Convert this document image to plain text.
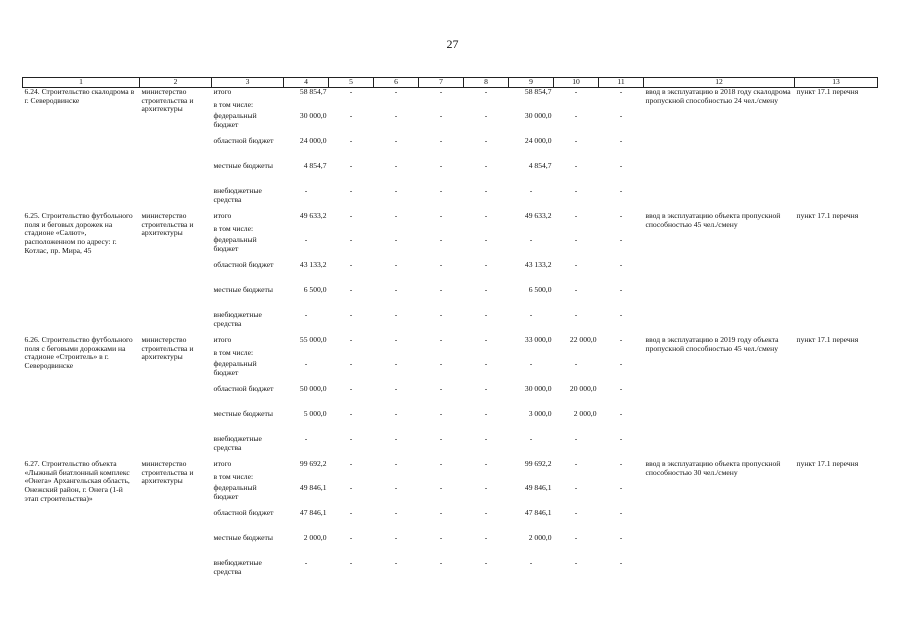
27
1	2	3	4	5	6	7	8	9	10	11	12	13
6.24. Строительство скалодрома в г. Северодвинске	министерство строительства и архитектуры	итого	58 854,7	-	-	-	-	58 854,7	-	-	ввод в эксплуатацию в 2018 году скалодрома пропускной способностью 24 чел./смену	пункт 17.1 перечня
		в том числе:										
		федеральный бюджет	30 000,0	-	-	-	-	30 000,0	-	-		
		областной бюджет	24 000,0	-	-	-	-	24 000,0	-	-		
		местные бюджеты	4 854,7	-	-	-	-	4 854,7	-	-		
		внебюджетные средства	-	-	-	-	-	-	-	-		
6.25. Строительство футбольного поля и беговых дорожек на стадионе «Салют», расположенном по адресу: г. Котлас, пр. Мира, 45	министерство строительства и архитектуры	итого	49 633,2	-	-	-	-	49 633,2	-	-	ввод в эксплуатацию объекта пропускной способностью 45 чел./смену	пункт 17.1 перечня
		в том числе:										
		федеральный бюджет	-	-	-	-	-	-	-	-		
		областной бюджет	43 133,2	-	-	-	-	43 133,2	-	-		
		местные бюджеты	6 500,0	-	-	-	-	6 500,0	-	-		
		внебюджетные средства	-	-	-	-	-	-	-	-		
6.26. Строительство футбольного поля с беговыми дорожками на стадионе «Строитель» в г. Северодвинске	министерство строительства и архитектуры	итого	55 000,0	-	-	-	-	33 000,0	22 000,0	-	ввод в эксплуатацию в 2019 году объекта пропускной способностью 45 чел./смену	пункт 17.1 перечня
		в том числе:										
		федеральный бюджет	-	-	-	-	-	-	-	-		
		областной бюджет	50 000,0	-	-	-	-	30 000,0	20 000,0	-		
		местные бюджеты	5 000,0	-	-	-	-	3 000,0	2 000,0	-		
		внебюджетные средства	-	-	-	-	-	-	-	-		
6.27. Строительство объекта «Лыжный биатлонный комплекс «Онега» Архангельская область, Онежский район, г. Онега (1-й этап строительства)»	министерство строительства и архитектуры	итого	99 692,2	-	-	-	-	99 692,2	-	-	ввод в эксплуатацию объекта пропускной способностью 30 чел./смену	пункт 17.1 перечня
		в том числе:										
		федеральный бюджет	49 846,1	-	-	-	-	49 846,1	-	-		
		областной бюджет	47 846,1	-	-	-	-	47 846,1	-	-		
		местные бюджеты	2 000,0	-	-	-	-	2 000,0	-	-		
		внебюджетные средства	-	-	-	-	-	-	-	-		
